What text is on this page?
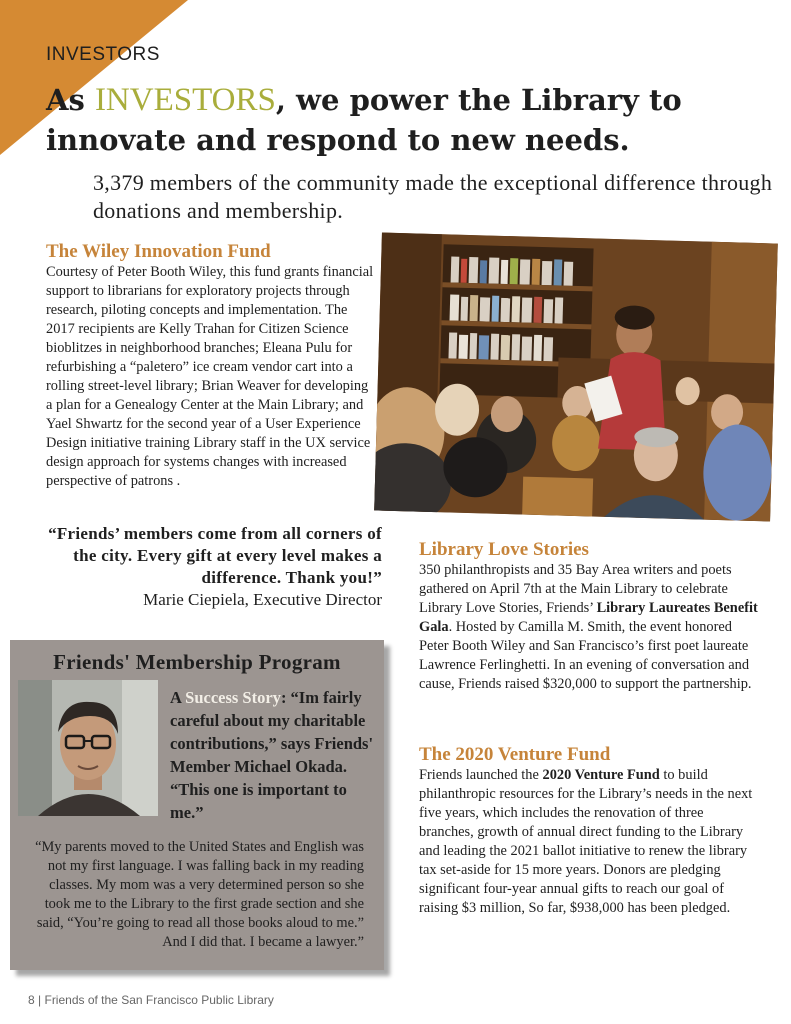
INVESTORS
As INVESTORS, we power the Library to innovate and respond to new needs.

3,379 members of the community made the exceptional difference through donations and membership.

The Wiley Innovation Fund

Courtesy of Peter Booth Wiley, this fund grants financial support to librarians for exploratory projects through research, piloting concepts and implementation. The 2017 recipients are Kelly Trahan for Citizen Science bioblitzes in neighborhood branches; Eleana Pulu for refurbishing a “paletero” ice cream vendor cart into a rolling street-level library; Brian Weaver for developing a plan for a Genealogy Center at the Main Library; and Yael Shwartz for the second year of a User Experience Design initiative training Library staff in the UX service design approach for systems changes with increased perspective of patrons .

“Friends’ members come from all corners of the city. Every gift at every level makes a difference. Thank you!”
Marie Ciepiela, Executive Director
Library Love Stories

350 philanthropists and 35 Bay Area writers and poets gathered on April 7th at the Main Library to celebrate Library Love Stories, Friends’ Library Laureates Benefit Gala. Hosted by Camilla M. Smith, the event honored Peter Booth Wiley and San Francisco’s first poet laureate Lawrence Ferlinghetti. In an evening of conversation and cause, Friends raised $320,000 to support the partnership.

The 2020 Venture Fund

Friends launched the 2020 Venture Fund to build philanthropic resources for the Library’s needs in the next five years, which includes the renovation of three branches, growth of annual direct funding to the Library and leading the 2021 ballot initiative to renew the library tax set-aside for 15 more years. Donors are pledging significant four-year annual gifts to reach our goal of raising $3 million, So far, $938,000 has been pledged.

Friends' Membership Program
A Success Story: “Im fairly careful about my charitable contributions,” says Friends' Member Michael Okada. “This one is important to me.”
“My parents moved to the United States and English was not my first language. I was falling back in my reading classes. My mom was a very determined person so she took me to the Library to the first grade section and she said, “You’re going to read all those books aloud to me.” And I did that. I became a lawyer.”
8 | Friends of the San Francisco Public Library
